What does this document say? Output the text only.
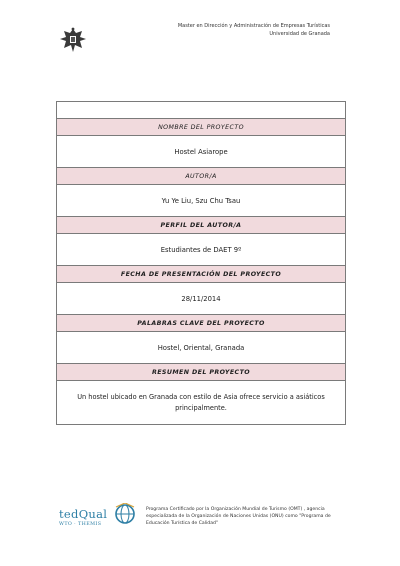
Master en Dirección y Administración de Empresas Turísticas
Universidad de Granada

NOMBRE DEL PROYECTO
Hostel Asiarope
AUTOR/A
Yu Ye Liu, Szu Chu Tsau
PERFIL DEL AUTOR/A
Estudiantes de DAET 9º
FECHA DE PRESENTACIÓN DEL PROYECTO
28/11/2014
PALABRAS CLAVE DEL PROYECTO
Hostel, Oriental, Granada
RESUMEN DEL PROYECTO
Un hostel ubicado en Granada con estilo de Asia ofrece servicio a asiáticos principalmente.
tedQual
WTO · THEMIS
Programa Certificado por la Organización Mundial de Turismo (OMT) , agencia especializada de la Organización de Naciones Unidas (ONU) como "Programa de Educación Turística de Calidad"
